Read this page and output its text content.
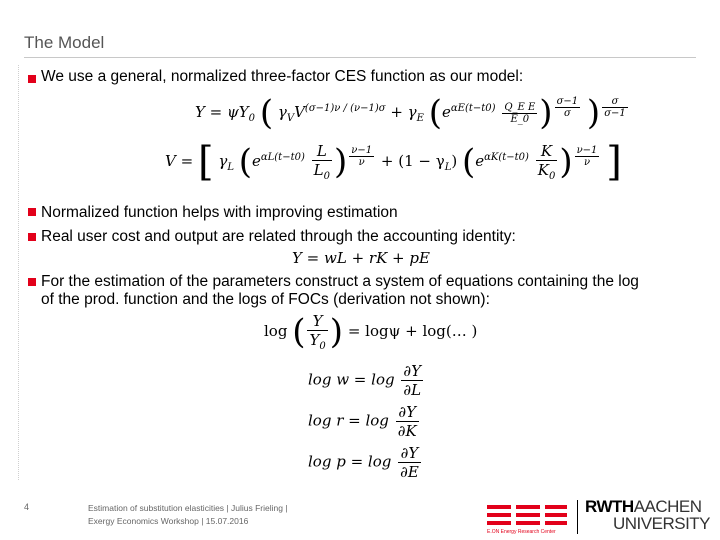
The Model
We use a general, normalized three-factor CES function as our model:
$Y = \psi Y_0$ ( $\gamma_VV^{(\sigma-1)\nu / (\nu-1)\sigma} + \gamma_E$ ($e^{\alpha E(t-t0)} \frac{\text{Q\_E E}}{E\_0}$ ) $^{\frac{\sigma-1}{\sigma}}$ ) $^{\frac{\sigma}{\sigma-1}}$
V = [ $\gamma_L$ ($e^{\alpha L(t-t0)} \frac{L}{L_0}$ ) $^{\frac{\nu-1}{\nu}} + (1 - \gamma_L)$ ($e^{\alpha K(t-t0)} \frac{K}{K_0}$ ) $^{\frac{\nu-1}{\nu}}$ ]
Normalized function helps with improving estimation
Real user cost and output are related through the accounting identity:
Y = wL + rK + pE
For the estimation of the parameters construct a system of equations containing the log
of the prod. function and the logs of FOCs (derivation not shown):
log ( $\frac{Y}{Y_0}$ ) = logψ + log(… )
$\log w = \log \frac{\partial Y}{\partial L}$
$\log r = \log \frac{\partial Y}{\partial K}$
$\log p = \log \frac{\partial Y}{\partial E}$
4	Estimation of substitution elasticities | Julius Frieling |
Exergy Economics Workshop | 15.07.2016
E.ON Energy Research Center
RWTHAACHEN
UNIVERSITY
